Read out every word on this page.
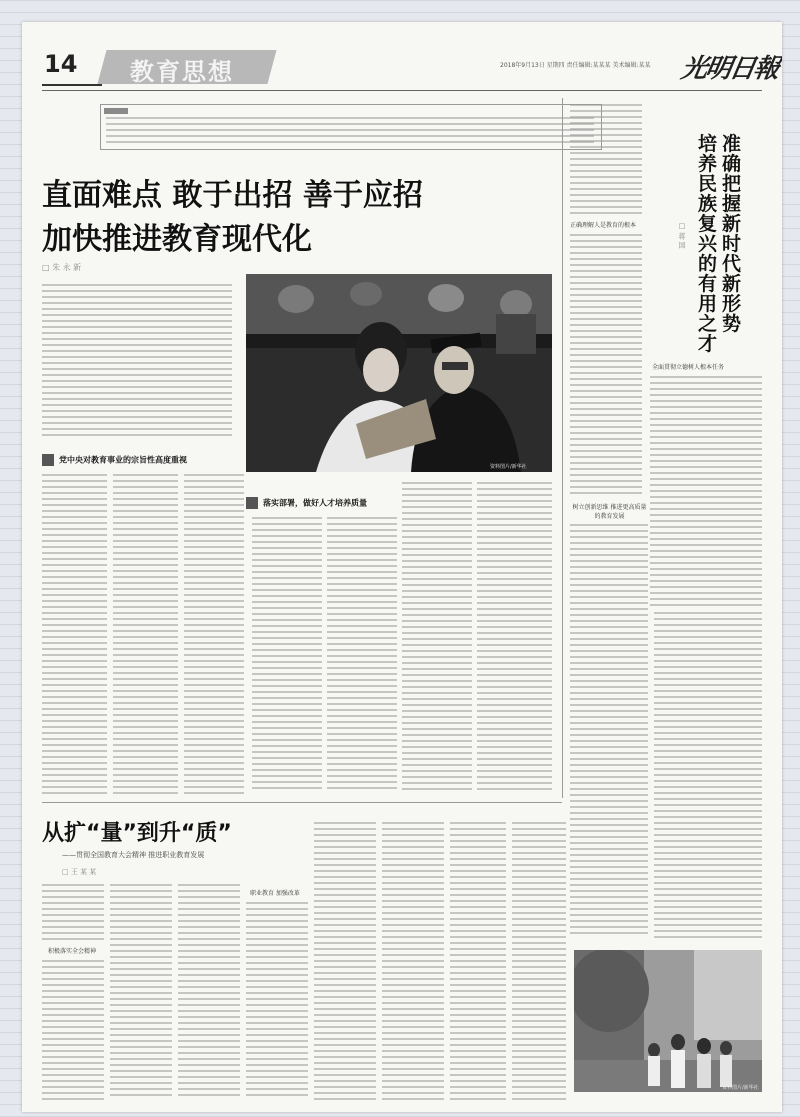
14 教育思想	2018年9月13日 星期四 责任编辑:某某某 美术编辑:某某 光明日報
直面难点 敢于出招 善于应招
加快推进教育现代化
□ 朱 永 新
资料图片/新华社
党中央对教育事业的宗旨性高度重视
落实部署，做好人才培养质量
正确理解人是教育的根本
准确把握新时代新形势
培养民族复兴的有用之才
□ 蒋 国
全面贯彻立德树人根本任务
树立创新思维 推进更高质量的教育发展
从扩“量”到升“质”
——贯彻全国教育大会精神 推进职业教育发展
□ 王 某 某
积极落实全会精神
职业教育 加强改革
资料图片/新华社
